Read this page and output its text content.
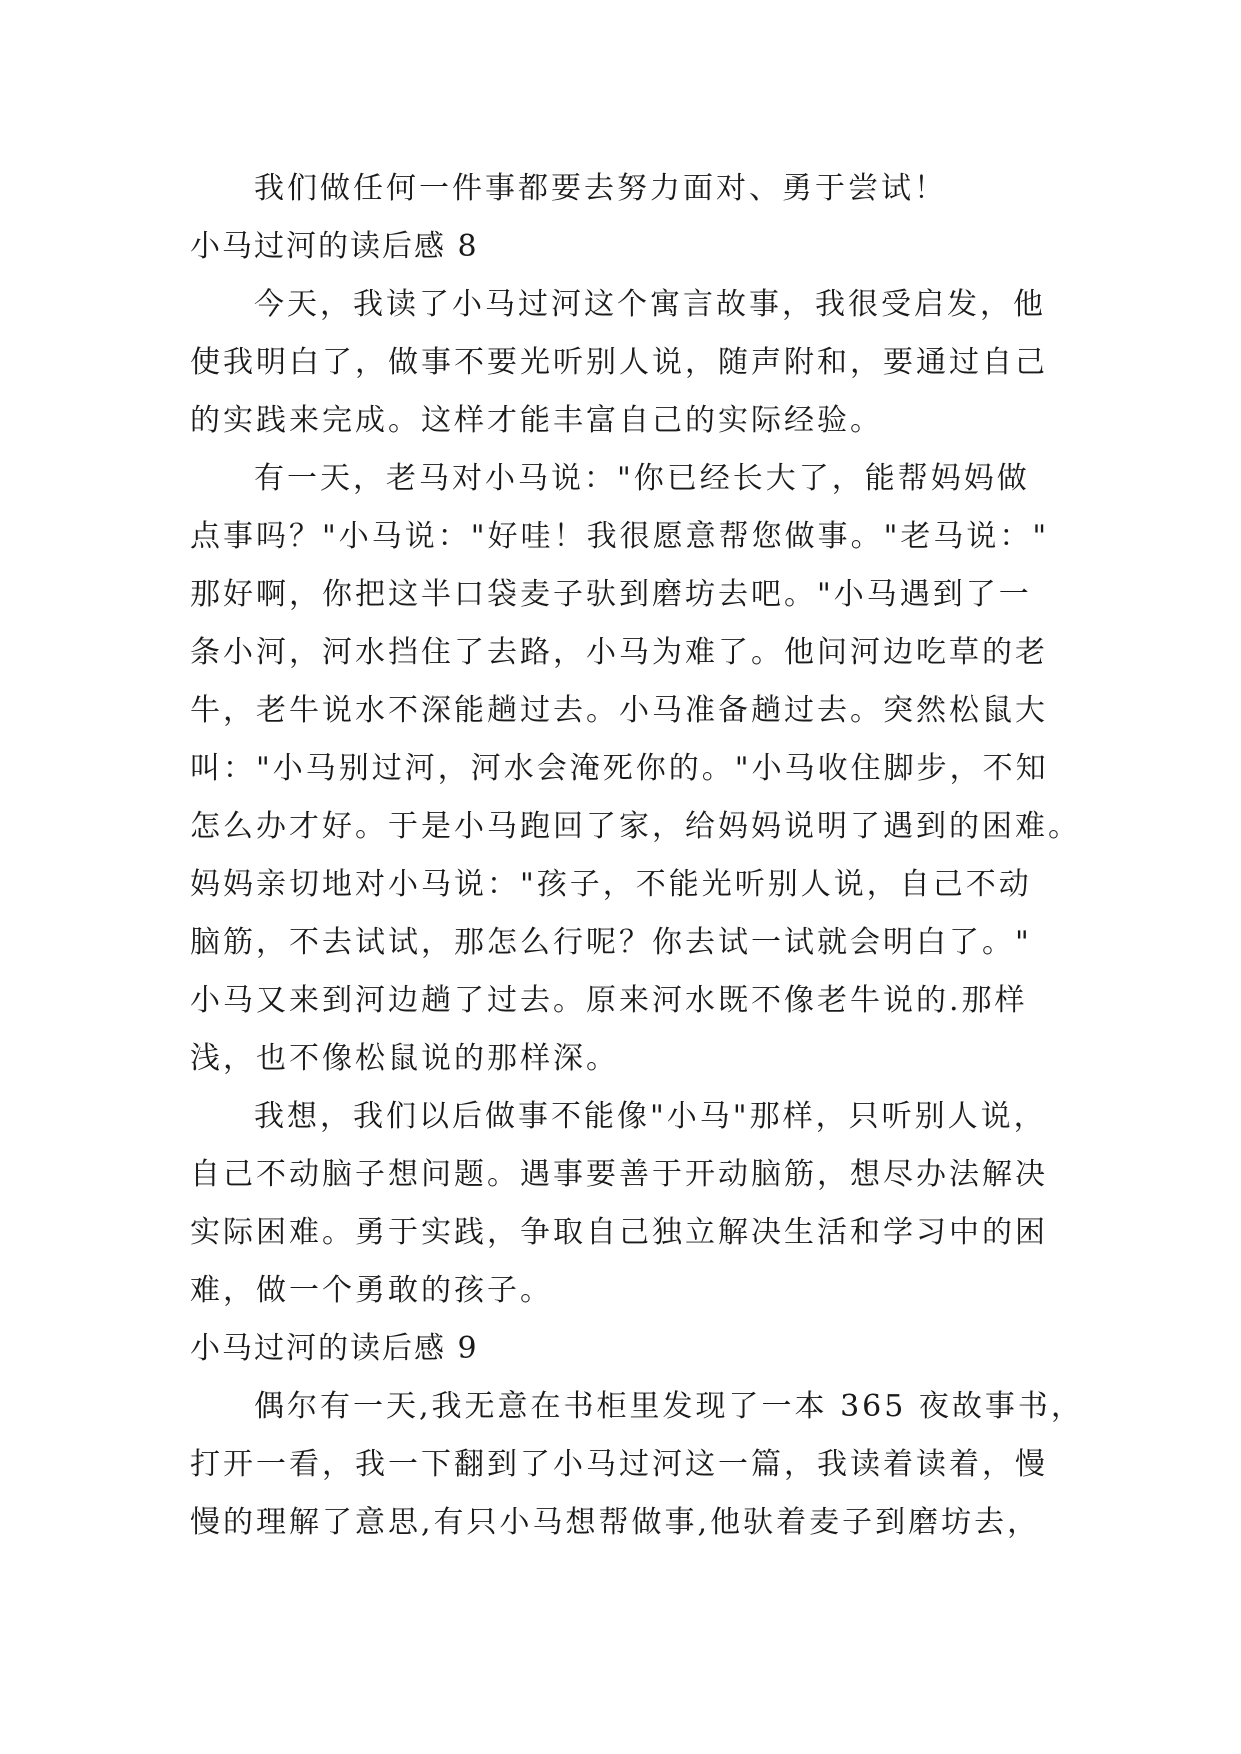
我们做任何一件事都要去努力面对、勇于尝试！
小马过河的读后感 8
今天，我读了小马过河这个寓言故事，我很受启发，他
使我明白了，做事不要光听别人说，随声附和，要通过自己
的实践来完成。这样才能丰富自己的实际经验。
有一天，老马对小马说："你已经长大了，能帮妈妈做
点事吗？"小马说："好哇！我很愿意帮您做事。"老马说："
那好啊，你把这半口袋麦子驮到磨坊去吧。"小马遇到了一
条小河，河水挡住了去路，小马为难了。他问河边吃草的老
牛，老牛说水不深能趟过去。小马准备趟过去。突然松鼠大
叫："小马别过河，河水会淹死你的。"小马收住脚步，不知
怎么办才好。于是小马跑回了家，给妈妈说明了遇到的困难。
妈妈亲切地对小马说："孩子，不能光听别人说，自己不动
脑筋，不去试试，那怎么行呢？你去试一试就会明白了。"
小马又来到河边趟了过去。原来河水既不像老牛说的.那样
浅，也不像松鼠说的那样深。
我想，我们以后做事不能像"小马"那样，只听别人说，
自己不动脑子想问题。遇事要善于开动脑筋，想尽办法解决
实际困难。勇于实践，争取自己独立解决生活和学习中的困
难，做一个勇敢的孩子。
小马过河的读后感 9
偶尔有一天,我无意在书柜里发现了一本 365 夜故事书，
打开一看，我一下翻到了小马过河这一篇，我读着读着，慢
慢的理解了意思,有只小马想帮做事,他驮着麦子到磨坊去，
